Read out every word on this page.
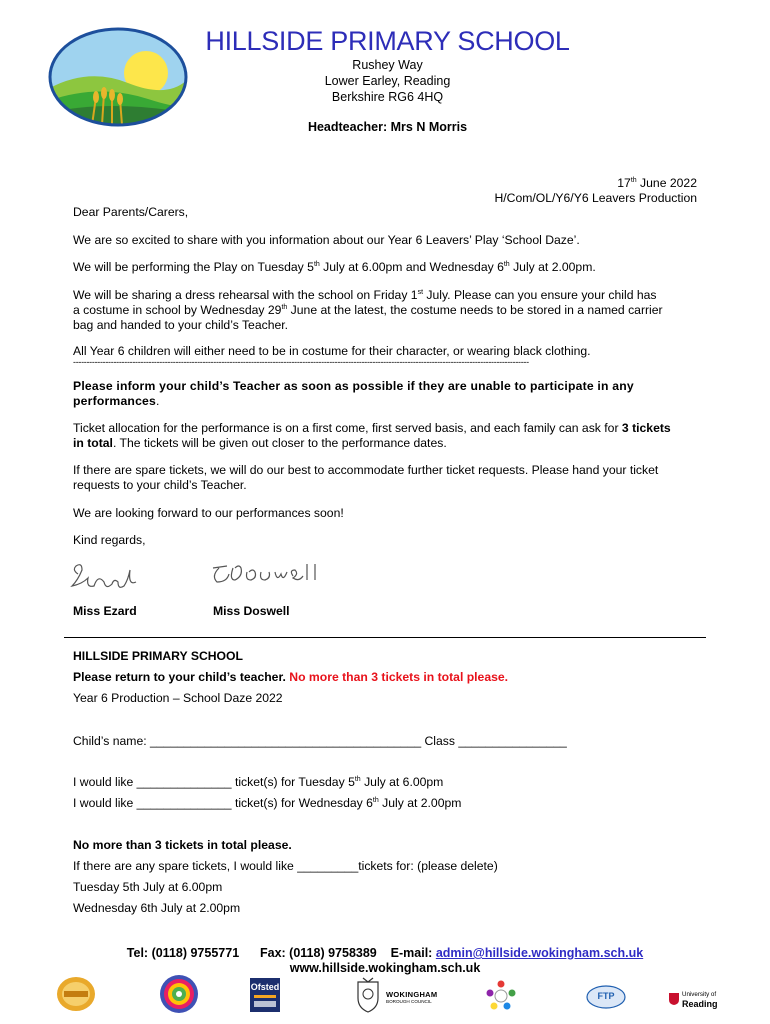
HILLSIDE PRIMARY SCHOOL
Rushey Way
Lower Earley, Reading
Berkshire RG6 4HQ
Headteacher: Mrs N Morris
17th June 2022
H/Com/OL/Y6/Y6 Leavers Production

Dear Parents/Carers,

We are so excited to share with you information about our Year 6 Leavers’ Play ‘School Daze’.

We will be performing the Play on Tuesday 5th July at 6.00pm and Wednesday 6th July at 2.00pm.

We will be sharing a dress rehearsal with the school on Friday 1st July. Please can you ensure your child has

a costume in school by Wednesday 29th June at the latest, the costume needs to be stored in a named carrier

bag and handed to your child’s Teacher.

All Year 6 children will either need to be in costume for their character, or wearing black clothing.

-------------------------------------------------------------------------------------------------------------------------------------------------------------------------

Please inform your child’s Teacher as soon as possible if they are unable to participate in any

performances.

Ticket allocation for the performance is on a first come, first served basis, and each family can ask for 3 tickets

in total. The tickets will be given out closer to the performance dates.

If there are spare tickets, we will do our best to accommodate further ticket requests. Please hand your ticket

requests to your child’s Teacher.

We are looking forward to our performances soon!

Kind regards,

Miss Ezard	Miss Doswell

HILLSIDE PRIMARY SCHOOL

Please return to your child’s teacher. No more than 3 tickets in total please.

Year 6 Production – School Daze 2022

Child’s name: ________________________________________ Class ________________

I would like ______________ ticket(s) for Tuesday 5th July at 6.00pm

I would like ______________ ticket(s) for Wednesday 6th July at 2.00pm

No more than 3 tickets in total please.

If there are any spare tickets, I would like _________tickets for: (please delete)

Tuesday 5th July at 6.00pm

Wednesday 6th July at 2.00pm

Tel: (0118) 9755771 Fax: (0118) 9758389 E-mail: admin@hillside.wokingham.sch.uk
www.hillside.wokingham.sch.uk
Ofsted
WOKINGHAM
BOROUGH COUNCIL
FTP	University of
Reading
